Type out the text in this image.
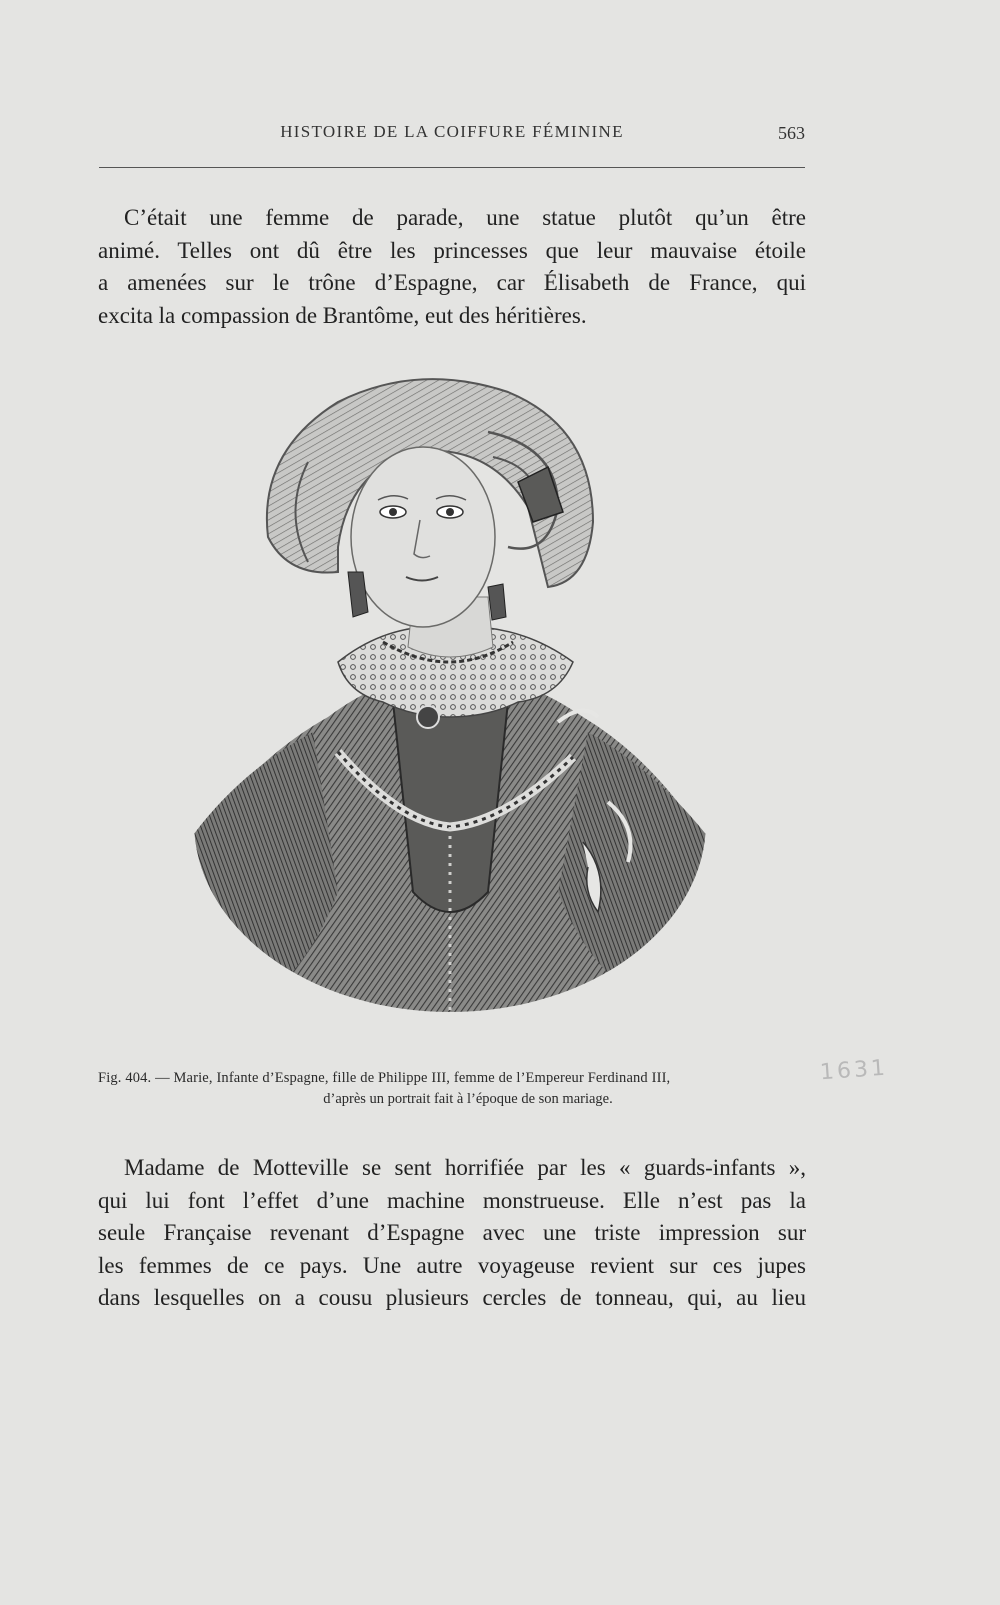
HISTOIRE DE LA COIFFURE FÉMININE	563
C’était une femme de parade, une statue plutôt qu’un être
animé. Telles ont dû être les princesses que leur mauvaise étoile
a amenées sur le trône d’Espagne, car Élisabeth de France, qui
excita la compassion de Brantôme, eut des héritières.
Fig. 404. — Marie, Infante d’Espagne, fille de Philippe III, femme de l’Empereur Ferdinand III,
d’après un portrait fait à l’époque de son mariage.
1631
Madame de Motteville se sent horrifiée par les « guards-infants »,
qui lui font l’effet d’une machine monstrueuse. Elle n’est pas la
seule Française revenant d’Espagne avec une triste impression sur
les femmes de ce pays. Une autre voyageuse revient sur ces jupes
dans lesquelles on a cousu plusieurs cercles de tonneau, qui, au lieu
